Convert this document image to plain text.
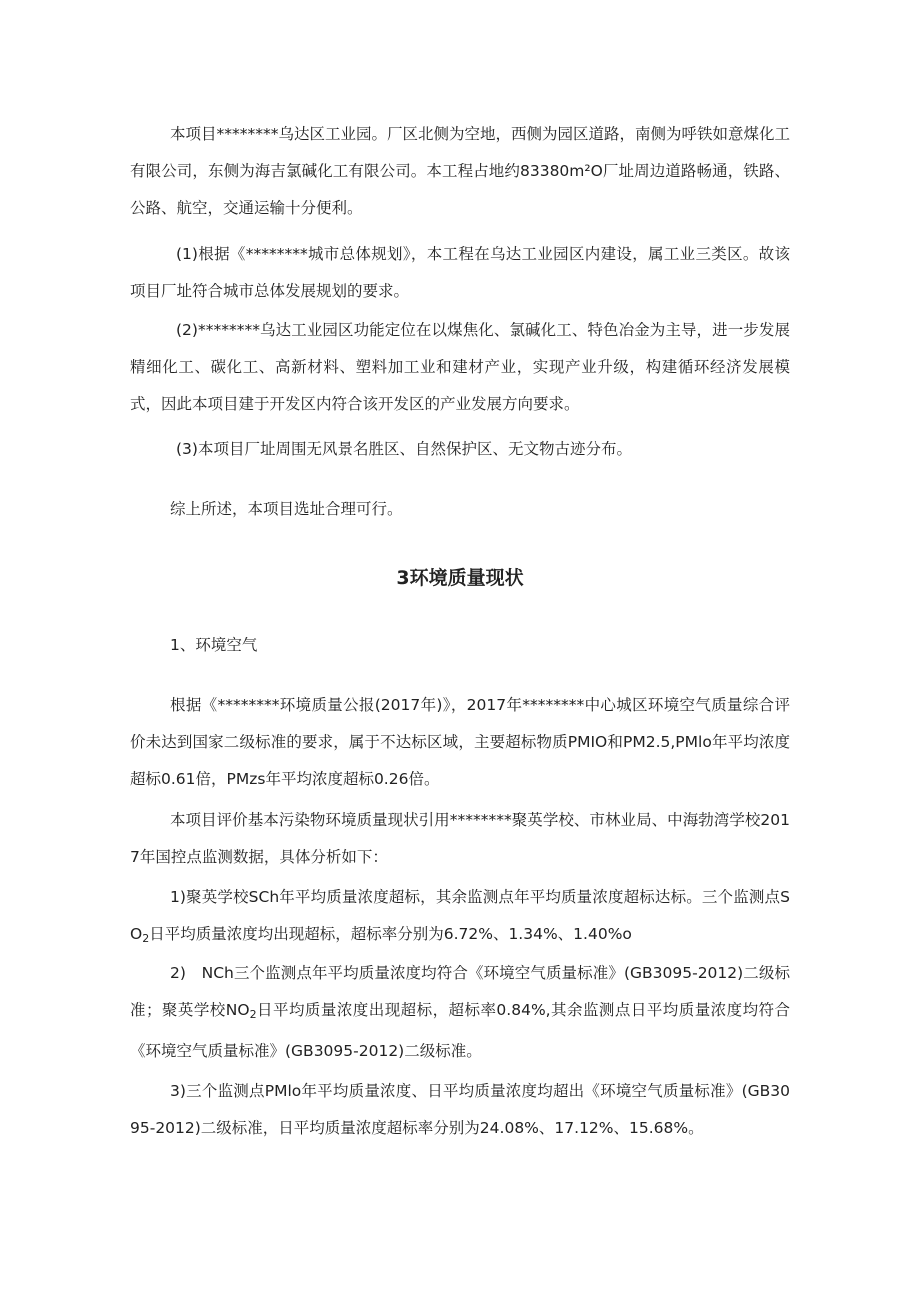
本项目********乌达区工业园。厂区北侧为空地，西侧为园区道路，南侧为呼铁如意煤化工有限公司，东侧为海吉氯碱化工有限公司。本工程占地约83380m²O厂址周边道路畅通，铁路、公路、航空，交通运输十分便利。

(1)根据《********城市总体规划》，本工程在乌达工业园区内建设，属工业三类区。故该项目厂址符合城市总体发展规划的要求。

(2)********乌达工业园区功能定位在以煤焦化、氯碱化工、特色冶金为主导，进一步发展精细化工、碳化工、高新材料、塑料加工业和建材产业，实现产业升级，构建循环经济发展模式，因此本项目建于开发区内符合该开发区的产业发展方向要求。

(3)本项目厂址周围无风景名胜区、自然保护区、无文物古迹分布。

综上所述，本项目选址合理可行。

3环境质量现状

1、环境空气

根据《********环境质量公报(2017年)》，2017年********中心城区环境空气质量综合评价未达到国家二级标准的要求，属于不达标区域，主要超标物质PMIO和PM2.5,PMlo年平均浓度超标0.61倍，PMzs年平均浓度超标0.26倍。

本项目评价基本污染物环境质量现状引用********聚英学校、市林业局、中海勃湾学校2017年国控点监测数据，具体分析如下：

1)聚英学校SCh年平均质量浓度超标，其余监测点年平均质量浓度超标达标。三个监测点$SO_2$日平均质量浓度均出现超标，超标率分别为6.72%、1.34%、1.40%o

2)　NCh三个监测点年平均质量浓度均符合《环境空气质量标准》(GB3095-2012)二级标准；聚英学校$NO_2$日平均质量浓度出现超标，超标率0.84%,其余监测点日平均质量浓度均符合《环境空气质量标准》(GB3095-2012)二级标准。

3)三个监测点PMlo年平均质量浓度、日平均质量浓度均超出《环境空气质量标准》(GB3095-2012)二级标准，日平均质量浓度超标率分别为24.08%、17.12%、15.68%。
